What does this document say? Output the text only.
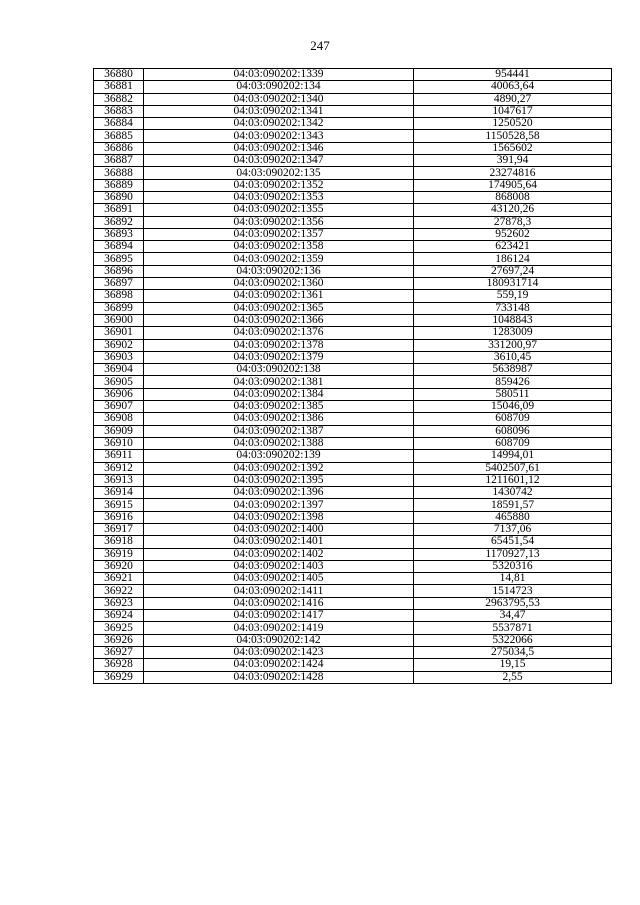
247
36880	04:03:090202:1339	954441
36881	04:03:090202:134	40063,64
36882	04:03:090202:1340	4890,27
36883	04:03:090202:1341	1047617
36884	04:03:090202:1342	1250520
36885	04:03:090202:1343	1150528,58
36886	04:03:090202:1346	1565602
36887	04:03:090202:1347	391,94
36888	04:03:090202:135	23274816
36889	04:03:090202:1352	174905,64
36890	04:03:090202:1353	868008
36891	04:03:090202:1355	43120,26
36892	04:03:090202:1356	27878,3
36893	04:03:090202:1357	952602
36894	04:03:090202:1358	623421
36895	04:03:090202:1359	186124
36896	04:03:090202:136	27697,24
36897	04:03:090202:1360	180931714
36898	04:03:090202:1361	559,19
36899	04:03:090202:1365	733148
36900	04:03:090202:1366	1048843
36901	04:03:090202:1376	1283009
36902	04:03:090202:1378	331200,97
36903	04:03:090202:1379	3610,45
36904	04:03:090202:138	5638987
36905	04:03:090202:1381	859426
36906	04:03:090202:1384	580511
36907	04:03:090202:1385	15046,09
36908	04:03:090202:1386	608709
36909	04:03:090202:1387	608096
36910	04:03:090202:1388	608709
36911	04:03:090202:139	14994,01
36912	04:03:090202:1392	5402507,61
36913	04:03:090202:1395	1211601,12
36914	04:03:090202:1396	1430742
36915	04:03:090202:1397	18591,57
36916	04:03:090202:1398	465880
36917	04:03:090202:1400	7137,06
36918	04:03:090202:1401	65451,54
36919	04:03:090202:1402	1170927,13
36920	04:03:090202:1403	5320316
36921	04:03:090202:1405	14,81
36922	04:03:090202:1411	1514723
36923	04:03:090202:1416	2963795,53
36924	04:03:090202:1417	34,47
36925	04:03:090202:1419	5537871
36926	04:03:090202:142	5322066
36927	04:03:090202:1423	275034,5
36928	04:03:090202:1424	19,15
36929	04:03:090202:1428	2,55
